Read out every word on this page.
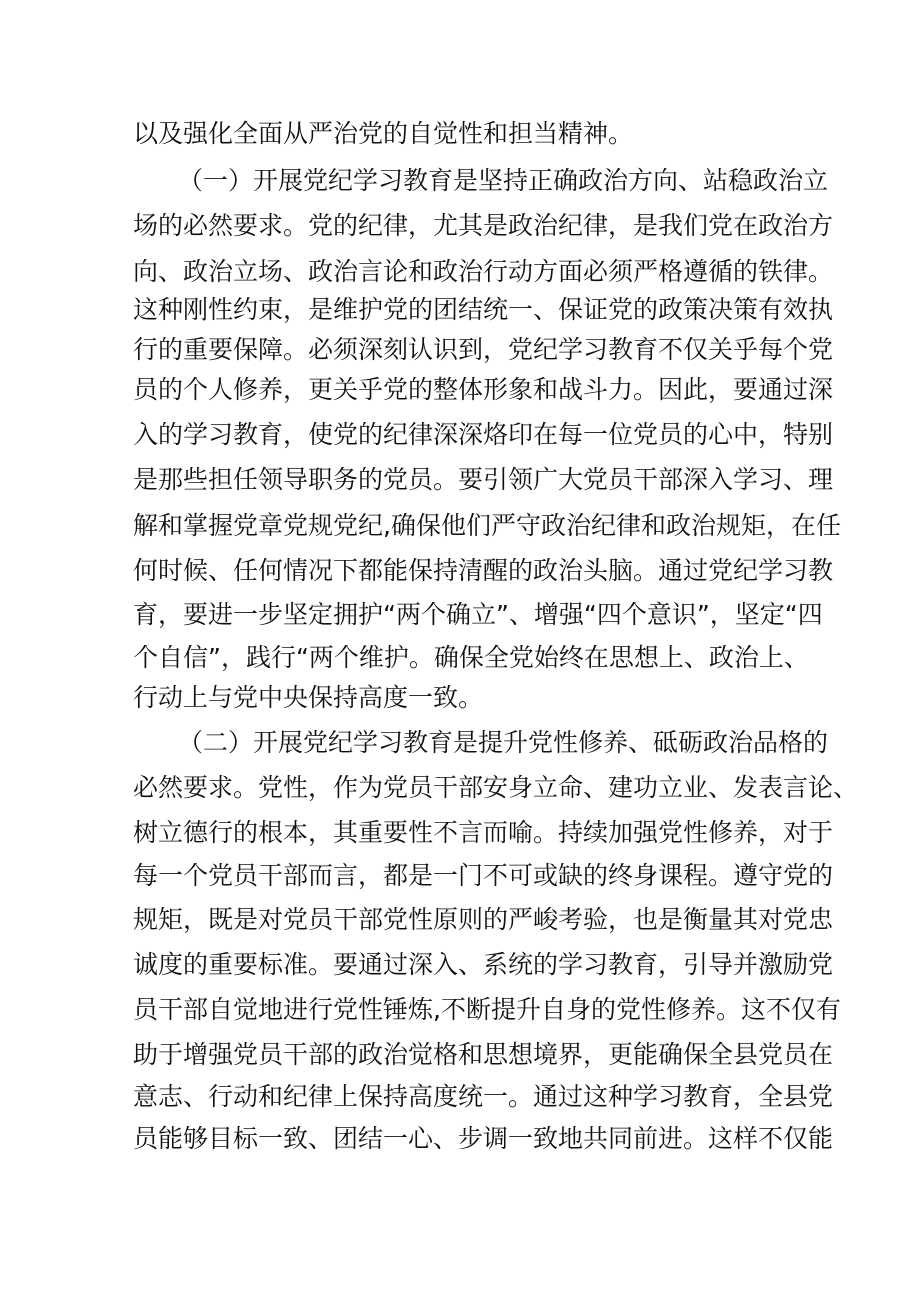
以及强化全面从严治党的自觉性和担当精神。
（一）开展党纪学习教育是坚持正确政治方向、站稳政治立
场的必然要求。党的纪律，尤其是政治纪律，是我们党在政治方
向、政治立场、政治言论和政治行动方面必须严格遵循的铁律。
这种刚性约束，是维护党的团结统一、保证党的政策决策有效执
行的重要保障。必须深刻认识到，党纪学习教育不仅关乎每个党
员的个人修养，更关乎党的整体形象和战斗力。因此，要通过深
入的学习教育，使党的纪律深深烙印在每一位党员的心中，特别
是那些担任领导职务的党员。要引领广大党员干部深入学习、理
解和掌握党章党规党纪,确保他们严守政治纪律和政治规矩，在任
何时候、任何情况下都能保持清醒的政治头脑。通过党纪学习教
育，要进一步坚定拥护“两个确立”、增强“四个意识”，坚定“四
个自信”，践行“两个维护。确保全党始终在思想上、政治上、
行动上与党中央保持高度一致。
（二）开展党纪学习教育是提升党性修养、砥砺政治品格的
必然要求。党性，作为党员干部安身立命、建功立业、发表言论、
树立德行的根本，其重要性不言而喻。持续加强党性修养，对于
每一个党员干部而言，都是一门不可或缺的终身课程。遵守党的
规矩，既是对党员干部党性原则的严峻考验，也是衡量其对党忠
诚度的重要标准。要通过深入、系统的学习教育，引导并激励党
员干部自觉地进行党性锤炼,不断提升自身的党性修养。这不仅有
助于增强党员干部的政治觉格和思想境界，更能确保全县党员在
意志、行动和纪律上保持高度统一。通过这种学习教育，全县党
员能够目标一致、团结一心、步调一致地共同前进。这样不仅能
